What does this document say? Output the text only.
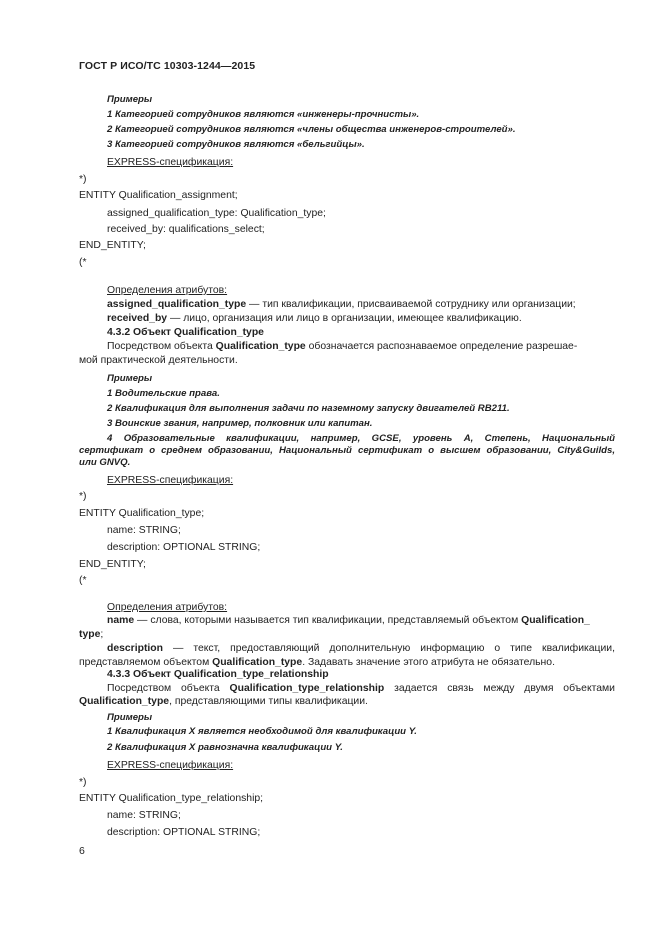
ГОСТ Р ИСО/ТС 10303-1244—2015
Примеры
1 Категорией сотрудников являются «инженеры-прочнисты».
2 Категорией сотрудников являются «члены общества инженеров-строителей».
3 Категорией сотрудников являются «бельгийцы».
EXPRESS-спецификация:
*)
ENTITY Qualification_assignment;
assigned_qualification_type: Qualification_type;
received_by: qualifications_select;
END_ENTITY;
(*
Определения атрибутов:
assigned_qualification_type — тип квалификации, присваиваемой сотруднику или организации;
received_by — лицо, организация или лицо в организации, имеющее квалификацию.
4.3.2 Объект Qualification_type
Посредством объекта Qualification_type обозначается распознаваемое определение разрешае-
мой практической деятельности.
Примеры
1 Водительские права.
2 Квалификация для выполнения задачи по наземному запуску двигателей RB211.
3 Воинские звания, например, полковник или капитан.
4 Образовательные квалификации, например, GCSE, уровень A, Степень, Национальный
сертификат о среднем образовании, Национальный сертификат о высшем образовании, City&Guilds,
или GNVQ.
EXPRESS-спецификация:
*)
ENTITY Qualification_type;
name: STRING;
description: OPTIONAL STRING;
END_ENTITY;
(*
Определения атрибутов:
name — слова, которыми называется тип квалификации, представляемый объектом Qualification_
type;
description — текст, предоставляющий дополнительную информацию о типе квалификации,
представляемом объектом Qualification_type. Задавать значение этого атрибута не обязательно.
4.3.3 Объект Qualification_type_relationship
Посредством объекта Qualification_type_relationship задается связь между двумя объектами
Qualification_type, представляющими типы квалификации.
Примеры
1 Квалификация X является необходимой для квалификации Y.
2 Квалификация X равнозначна квалификации Y.
EXPRESS-спецификация:
*)
ENTITY Qualification_type_relationship;
name: STRING;
description: OPTIONAL STRING;
6
